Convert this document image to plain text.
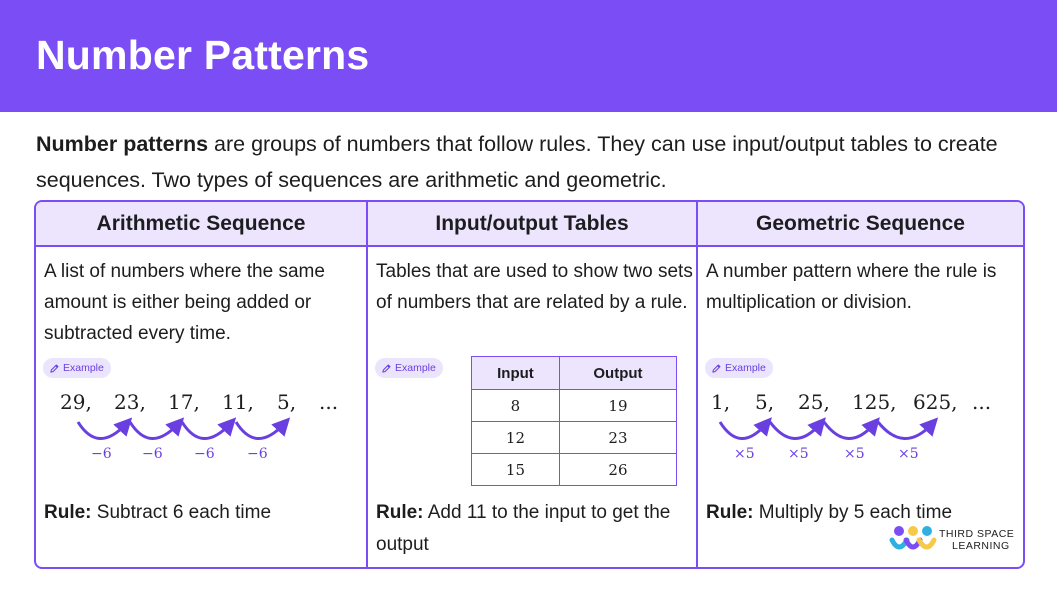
Number Patterns

Number patterns are groups of numbers that follow rules. They can use input/output tables to create sequences. Two types of sequences are arithmetic and geometric.

Arithmetic Sequence

A list of numbers where the same amount is either being added or subtracted every time.

Example
29, 23, 17, 11, 5, ...
−6 −6 −6 −6

Rule: Subtract 6 each time

Input/output Tables

Tables that are used to show two sets of numbers that are related by a rule.

Example	Input	Output
8	19
12	23
15	26

Rule: Add 11 to the input to get the output

Geometric Sequence

A number pattern where the rule is multiplication or division.

Example
1, 5, 25, 125, 625, ...
×5 ×5	×5 ×5

Rule: Multiply by 5 each time

THIRD SPACE
LEARNING
